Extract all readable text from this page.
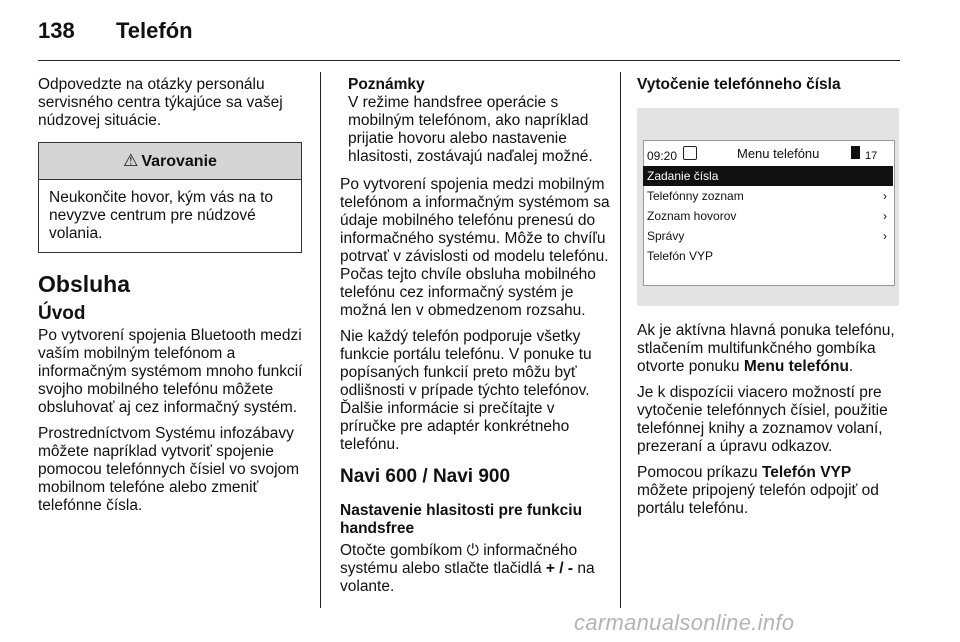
138 Telefón

Odpovedzte na otázky personálu servisného centra týkajúce sa vašej núdzovej situácie.

⚠ Varovanie
Neukončite hovor, kým vás na to nevyzve centrum pre núdzové volania.
Obsluha
Úvod

Po vytvorení spojenia Bluetooth medzi vaším mobilným telefónom a informačným systémom mnoho funkcií svojho mobilného telefónu môžete obsluhovať aj cez informačný systém.

Prostredníctvom Systému infozábavy môžete napríklad vytvoriť spojenie pomocou telefónnych čísiel vo svojom mobilnom telefóne alebo zmeniť telefónne čísla.

Poznámky
V režime handsfree operácie s mobilným telefónom, ako napríklad prijatie hovoru alebo nastavenie hlasitosti, zostávajú naďalej možné.

Po vytvorení spojenia medzi mobilným telefónom a informačným systémom sa údaje mobilného telefónu prenesú do informačného systému. Môže to chvíľu potrvať v závislosti od modelu telefónu. Počas tejto chvíle obsluha mobilného telefónu cez informačný systém je možná len v obmedzenom rozsahu.

Nie každý telefón podporuje všetky funkcie portálu telefónu. V ponuke tu popísaných funkcií preto môžu byť odlišnosti v prípade týchto telefónov. Ďalšie informácie si prečítajte v príručke pre adaptér konkrétneho telefónu.

Navi 600 / Navi 900
Nastavenie hlasitosti pre funkciu handsfree

Otočte gombíkom ⏻ informačného systému alebo stlačte tlačidlá + / - na volante.

Vytočenie telefónneho čísla
09:20	Menu telefónu	17
Zadanie čísla
Telefónny zoznam	›
Zoznam hovorov	›
Správy	›
Telefón VYP

Ak je aktívna hlavná ponuka telefónu, stlačením multifunkčného gombíka otvorte ponuku Menu telefónu.

Je k dispozícii viacero možností pre vytočenie telefónnych čísiel, použitie telefónnej knihy a zoznamov volaní, prezeraní a úpravu odkazov.

Pomocou príkazu Telefón VYP môžete pripojený telefón odpojiť od portálu telefónu.

carmanualsonline.info
